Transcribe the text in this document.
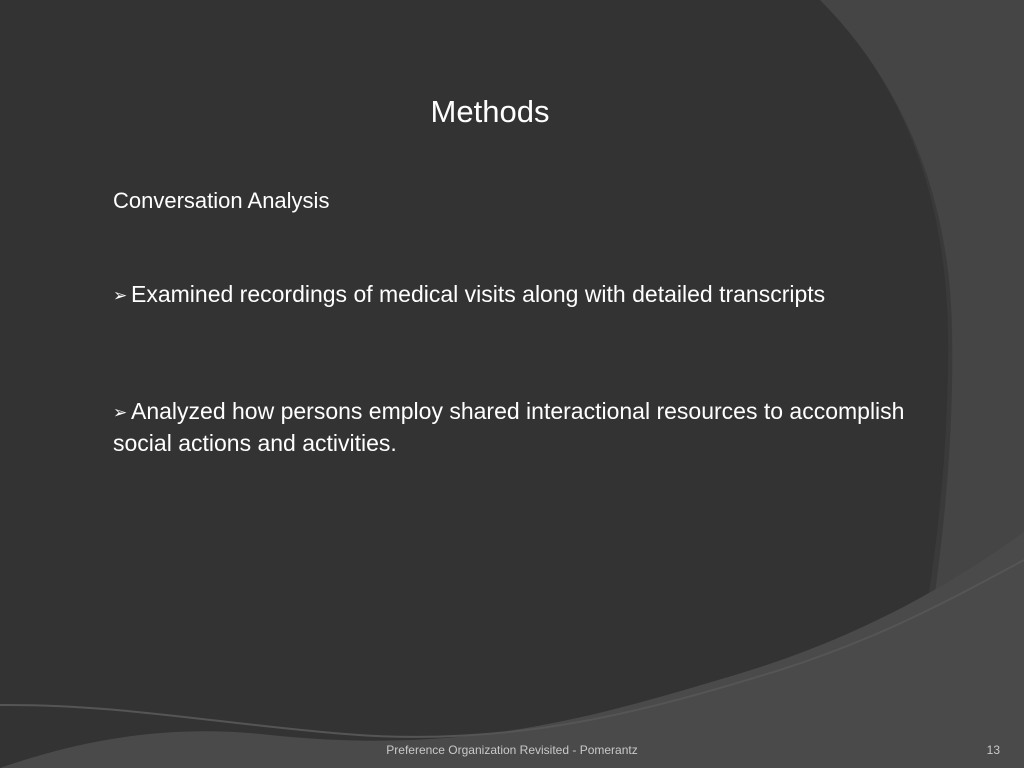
Methods
Conversation Analysis
➢ Examined recordings of medical visits along with detailed transcripts
➢ Analyzed how persons employ shared interactional resources to accomplish social actions and activities.
Preference Organization Revisited - Pomerantz	13
